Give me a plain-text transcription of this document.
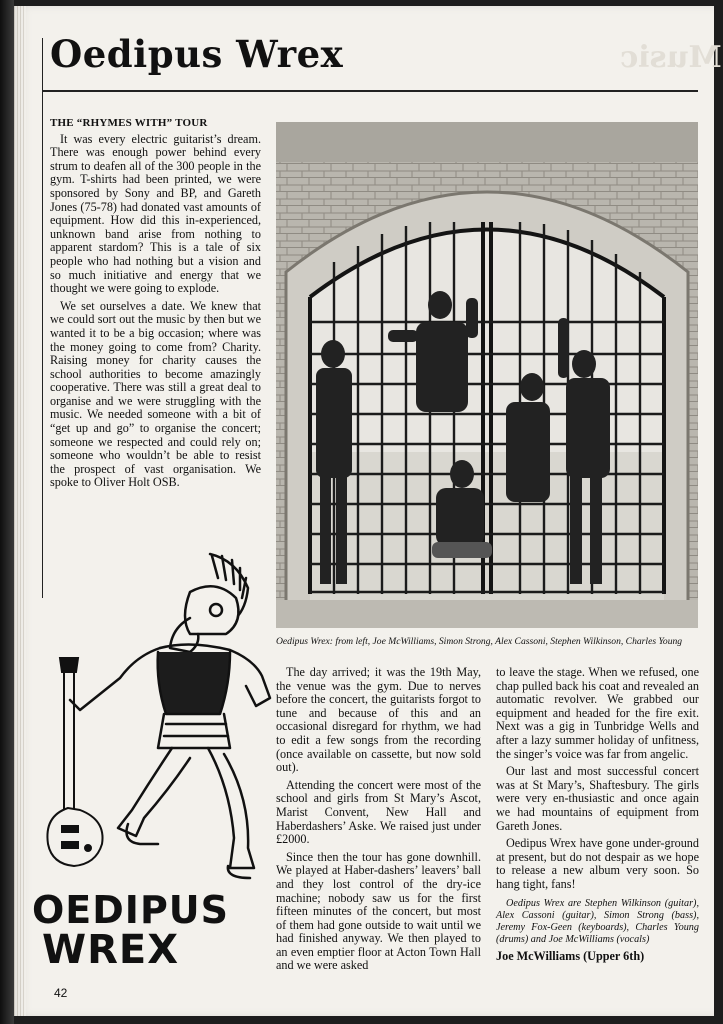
Music
Oedipus Wrex
THE “RHYMES WITH” TOUR

It was every electric guitarist’s dream. There was enough power behind every strum to deafen all of the 300 people in the gym. T-shirts had been printed, we were sponsored by Sony and BP, and Gareth Jones (75-78) had donated vast amounts of equipment. How did this in-experienced, unknown band arise from nothing to apparent stardom? This is a tale of six people who had nothing but a vision and so much initiative and energy that we thought we were going to explode.

We set ourselves a date. We knew that we could sort out the music by then but we wanted it to be a big occasion; where was the money going to come from? Charity. Raising money for charity causes the school authorities to become amazingly cooperative. There was still a great deal to organise and we were struggling with the music. We needed someone with a bit of “get up and go” to organise the concert; someone we respected and could rely on; someone who wouldn’t be able to resist the prospect of vast organisation. We spoke to Oliver Holt OSB.

Oedipus Wrex: from left, Joe McWilliams, Simon Strong, Alex Cassoni, Stephen Wilkinson, Charles Young

The day arrived; it was the 19th May, the venue was the gym. Due to nerves before the concert, the guitarists forgot to tune and because of this and an occasional disregard for rhythm, we had to edit a few songs from the recording (once available on cassette, but now sold out).

Attending the concert were most of the school and girls from St Mary’s Ascot, Marist Convent, New Hall and Haberdashers’ Aske. We raised just under £2000.

Since then the tour has gone downhill. We played at Haber-dashers’ leavers’ ball and they lost control of the dry-ice machine; nobody saw us for the first fifteen minutes of the concert, but most of them had gone outside to wait until we had finished anyway. We then played to an even emptier floor at Acton Town Hall and we were asked

to leave the stage. When we refused, one chap pulled back his coat and revealed an automatic revolver. We grabbed our equipment and headed for the fire exit. Next was a gig in Tunbridge Wells and after a lazy summer holiday of unfitness, the singer’s voice was far from angelic.

Our last and most successful concert was at St Mary’s, Shaftesbury. The girls were very en-thusiastic and once again we had mountains of equipment from Gareth Jones.

Oedipus Wrex have gone under-ground at present, but do not despair as we hope to release a new album very soon. So hang tight, fans!

Oedipus Wrex are Stephen Wilkinson (guitar), Alex Cassoni (guitar), Simon Strong (bass), Jeremy Fox-Geen (keyboards), Charles Young (drums) and Joe McWilliams (vocals)

Joe McWilliams (Upper 6th)

OEDIPUS
WREX
42
